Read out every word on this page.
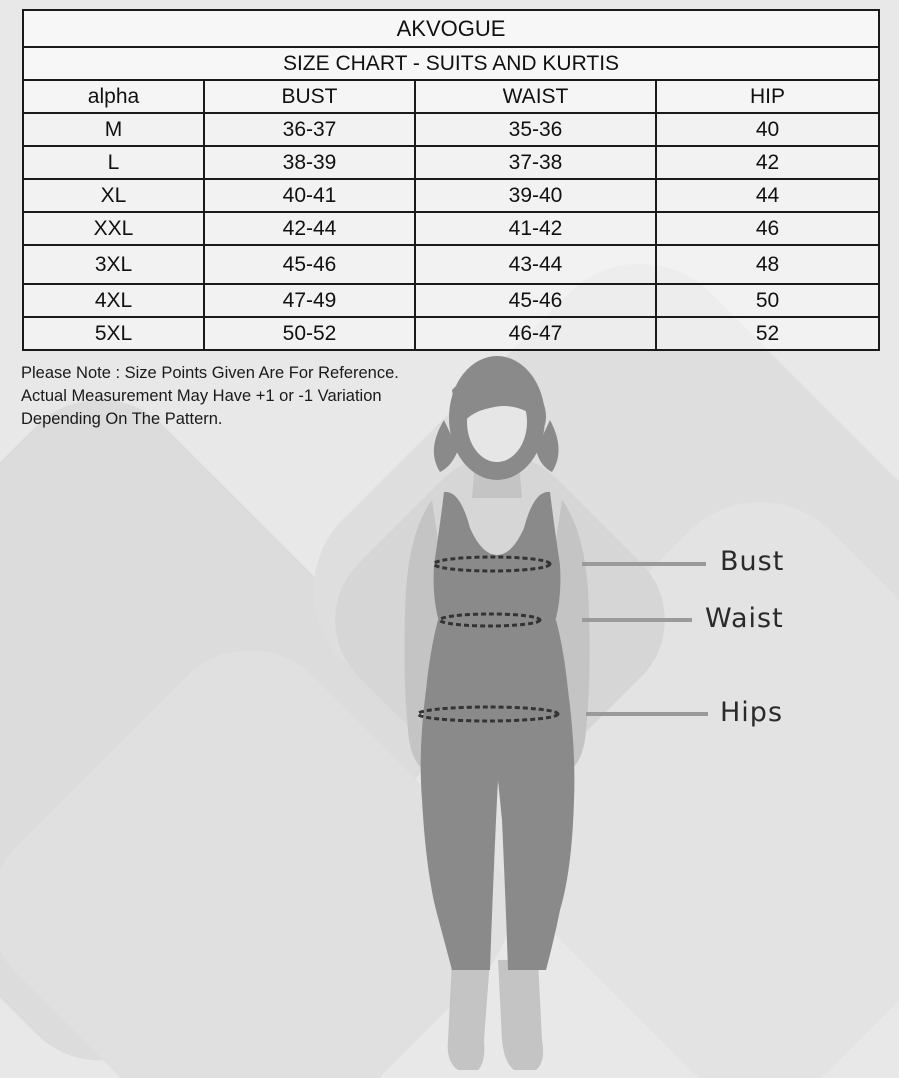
AKVOGUE			
SIZE CHART - SUITS AND KURTIS			
alpha	BUST	WAIST	HIP
M	36-37	35-36	40
L	38-39	37-38	42
XL	40-41	39-40	44
XXL	42-44	41-42	46
3XL	45-46	43-44	48
4XL	47-49	45-46	50
5XL	50-52	46-47	52
Please Note : Size Points Given Are For Reference.
Actual Measurement May Have +1 or -1 Variation
Depending On The Pattern.
Bust
Waist
Hips
